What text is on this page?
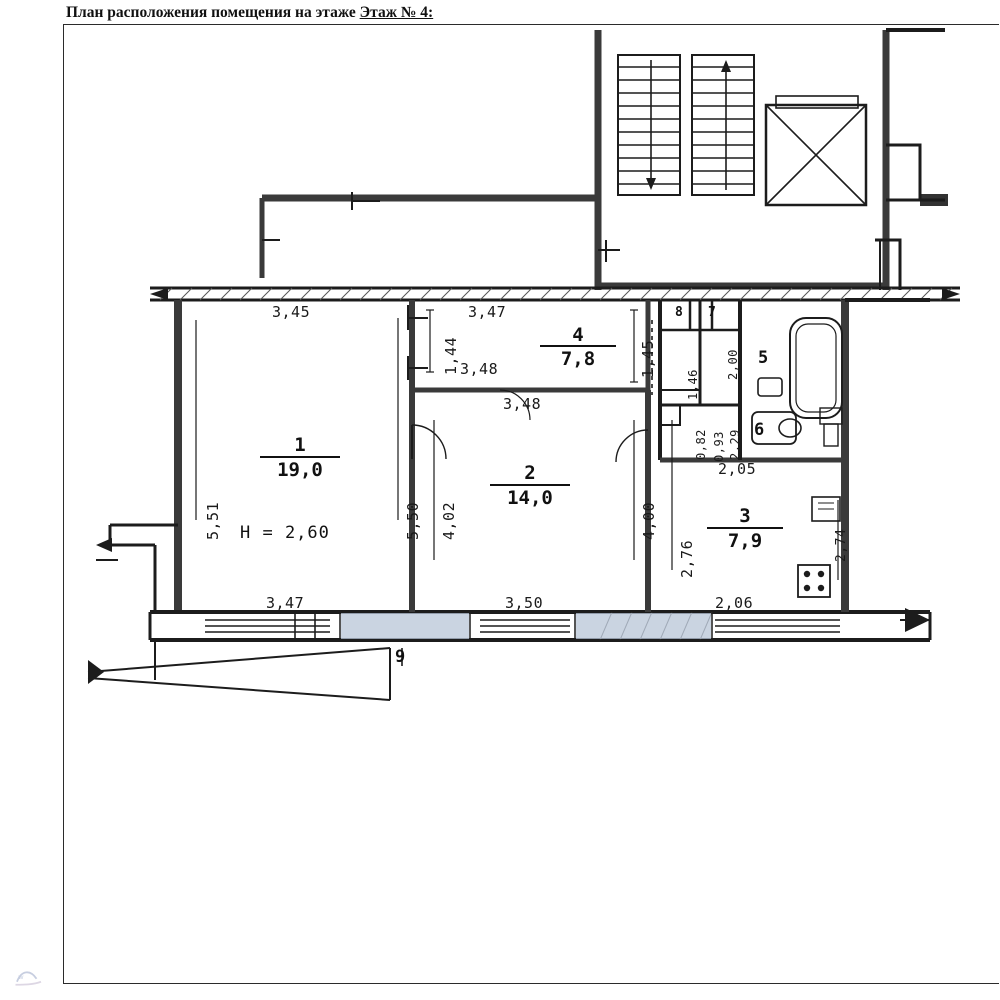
План расположения помещения на этаже Этаж № 4:
3,45	3,47
3,48
3,48
3,47	3,50	2,06
2,05
5,51	5,50 4,02	4,00
2,76
1,44	1,45
1,46
2,00
0,82 2,29
0,93
2,74
1
19,0	2
14,0
3
7,9
4
7,8	5
6
7
8
9
H = 2,60
w
